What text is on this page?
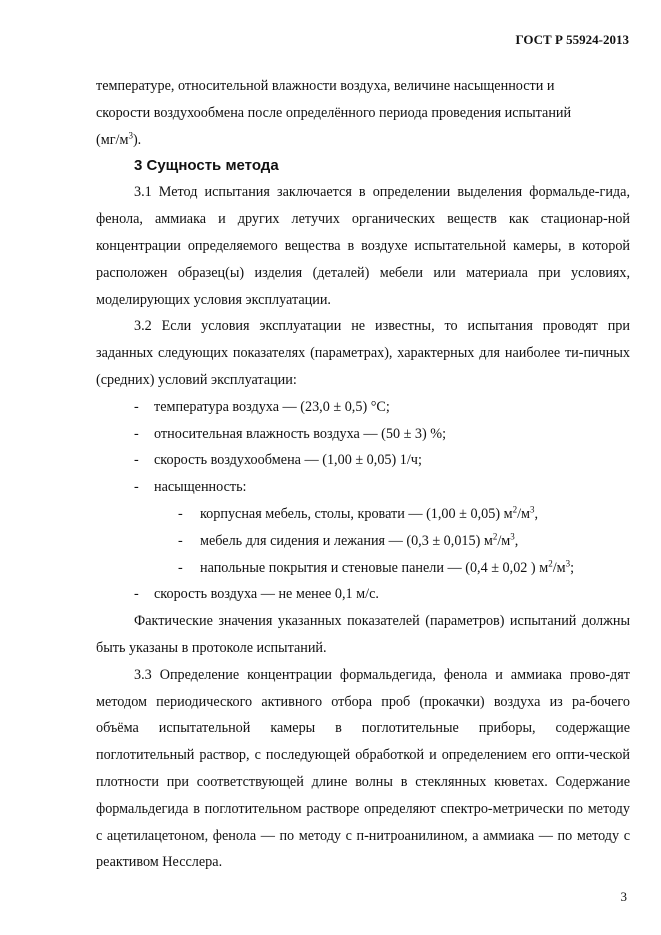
ГОСТ Р 55924-2013

температуре, относительной влажности воздуха, величине насыщенности и

скорости воздухообмена после определённого периода проведения испытаний

$(мг/м^3)$.

3 Сущность метода

3.1 Метод испытания заключается в определении выделения формальде-гида, фенола, аммиака и других летучих органических веществ как стационар-ной концентрации определяемого вещества в воздухе испытательной камеры, в которой расположен образец(ы) изделия (деталей) мебели или материала при условиях, моделирующих условия эксплуатации.

3.2 Если условия эксплуатации не известны, то испытания проводят при заданных следующих показателях (параметрах), характерных для наиболее ти-пичных (средних) условий эксплуатации:

- температура воздуха — (23,0 ± 0,5) °С;

- относительная влажность воздуха — (50 ± 3) %;

- скорость воздухообмена — (1,00 ± 0,05) 1/ч;

- насыщенность:

- корпусная мебель, столы, кровати — (1,00 ± 0,05) $м^2/м^3$,

- мебель для сидения и лежания — (0,3 ± 0,015) $м^2/м^3$,

- напольные покрытия и стеновые панели — (0,4 ± 0,02 ) $м^2/м^3$;

- скорость воздуха — не менее 0,1 м/с.

Фактические значения указанных показателей (параметров) испытаний должны быть указаны в протоколе испытаний.

3.3 Определение концентрации формальдегида, фенола и аммиака прово-дят методом периодического активного отбора проб (прокачки) воздуха из ра-бочего объёма испытательной камеры в поглотительные приборы, содержащие поглотительный раствор, с последующей обработкой и определением его опти-ческой плотности при соответствующей длине волны в стеклянных кюветах. Содержание формальдегида в поглотительном растворе определяют спектро-метрически по методу с ацетилацетоном, фенола — по методу с п-нитроанилином, а аммиака — по методу с реактивом Несслера.

3
